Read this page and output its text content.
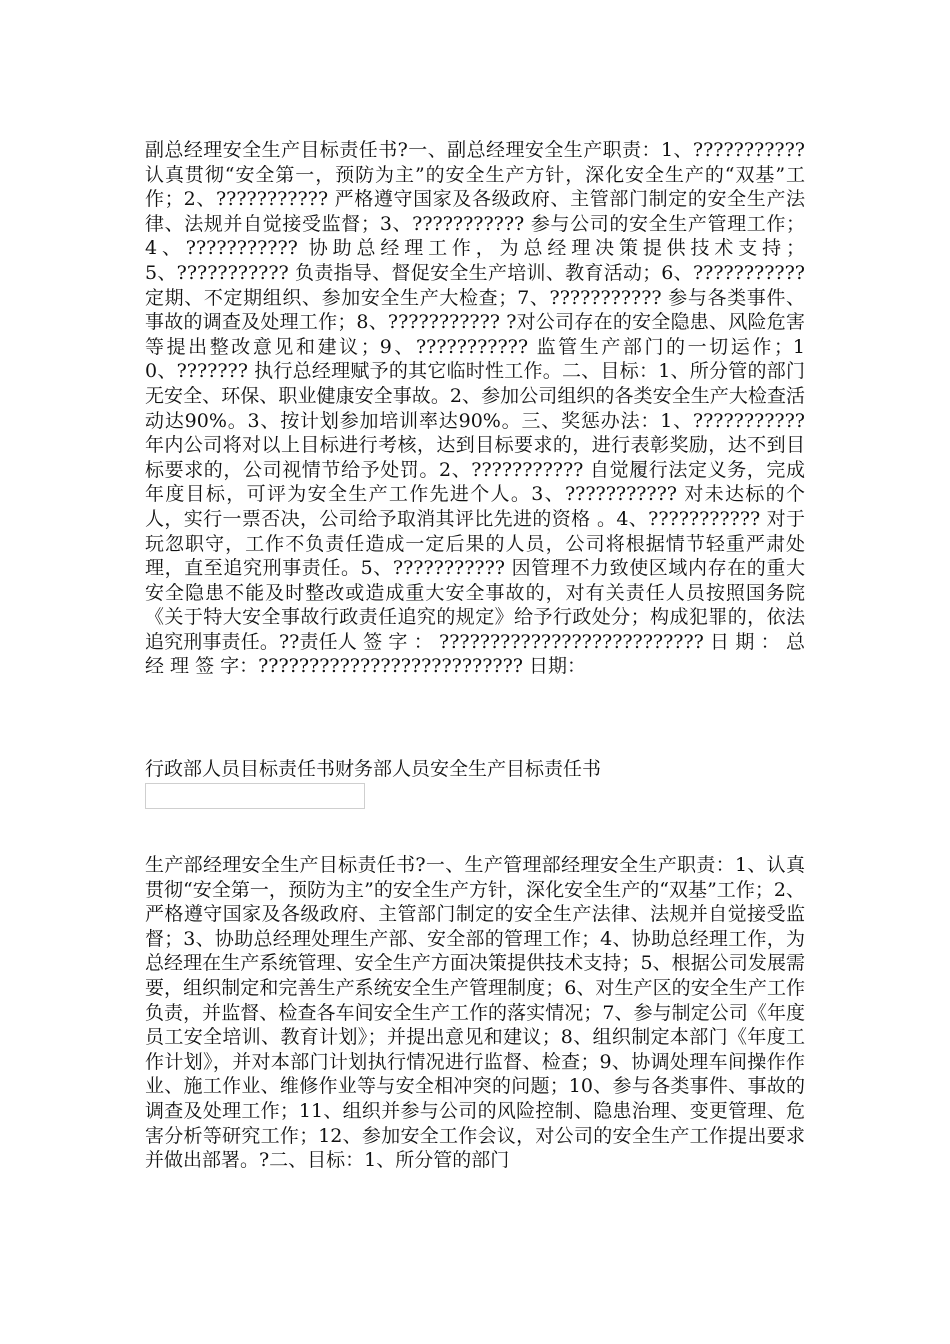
副总经理安全生产目标责任书?一、副总经理安全生产职责：1、??????????? 认真贯彻“安全第一，预防为主”的安全生产方针，深化安全生产的“双基”工作；2、??????????? 严格遵守国家及各级政府、主管部门制定的安全生产法律、法规并自觉接受监督；3、??????????? 参与公司的安全生产管理工作；4、??????????? 协助总经理工作，为总经理决策提供技术支持；5、??????????? 负责指导、督促安全生产培训、教育活动；6、??????????? 定期、不定期组织、参加安全生产大检查；7、??????????? 参与各类事件、事故的调查及处理工作；8、??????????? ?对公司存在的安全隐患、风险危害等提出整改意见和建议；9、??????????? 监管生产部门的一切运作；10、??????? 执行总经理赋予的其它临时性工作。二、目标：1、所分管的部门无安全、环保、职业健康安全事故。2、参加公司组织的各类安全生产大检查活动达90%。3、按计划参加培训率达90%。三、奖惩办法：1、??????????? 年内公司将对以上目标进行考核，达到目标要求的，进行表彰奖励，达不到目标要求的，公司视情节给予处罚。2、??????????? 自觉履行法定义务，完成年度目标，可评为安全生产工作先进个人。3、??????????? 对未达标的个人，实行一票否决，公司给予取消其评比先进的资格 。4、??????????? 对于玩忽职守，工作不负责任造成一定后果的人员，公司将根据情节轻重严肃处理，直至追究刑事责任。5、??????????? 因管理不力致使区域内存在的重大安全隐患不能及时整改或造成重大安全事故的，对有关责任人员按照国务院《关于特大安全事故行政责任追究的规定》给予行政处分；构成犯罪的，依法追究刑事责任。??责任人 签 字 ： ?????????????????????????? 日 期 ： 总 经 理 签 字：?????????????????????????? 日期：

行政部人员目标责任书财务部人员安全生产目标责任书

生产部经理安全生产目标责任书?一、生产管理部经理安全生产职责：1、认真贯彻“安全第一，预防为主”的安全生产方针，深化安全生产的“双基”工作；2、严格遵守国家及各级政府、主管部门制定的安全生产法律、法规并自觉接受监督；3、协助总经理处理生产部、安全部的管理工作；4、协助总经理工作，为总经理在生产系统管理、安全生产方面决策提供技术支持；5、根据公司发展需要，组织制定和完善生产系统安全生产管理制度；6、对生产区的安全生产工作负责，并监督、检查各车间安全生产工作的落实情况；7、参与制定公司《年度员工安全培训、教育计划》；并提出意见和建议；8、组织制定本部门《年度工作计划》，并对本部门计划执行情况进行监督、检查；9、协调处理车间操作作业、施工作业、维修作业等与安全相冲突的问题；10、参与各类事件、事故的调查及处理工作；11、组织并参与公司的风险控制、隐患治理、变更管理、危害分析等研究工作；12、参加安全工作会议，对公司的安全生产工作提出要求并做出部署。?二、目标：1、所分管的部门
